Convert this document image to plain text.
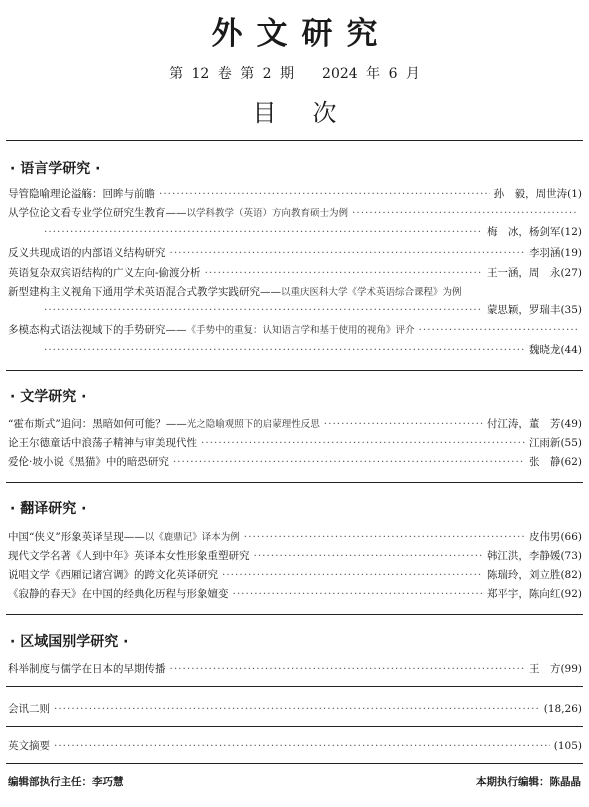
外文研究
第 12 卷 第 2 期　　2024 年 6 月
目次
· 语言学研究 ·
导管隐喻理论溢觞：回眸与前瞻 ·····	孙　毅，周世涛 (1)
从学位论文看专业学位研究生教育—— 以学科教学（英语）方向教育硕士为例
·····
·····
梅　冰，杨剑军 (12)
反义共现成语的内部语义结构研究 ·····	李羽涵 (19)
英语复杂双宾语结构的广义左向-偷渡分析 ·····	王一涵，周　永 (27)
新型建构主义视角下通用学术英语混合式教学实践研究—— 以重庆医科大学《学术英语综合课程》为例
·····
蒙思颖，罗瑞丰 (35)
多模态构式语法视域下的手势研究—— 《手势中的重复：认知语言学和基于使用的视角》评介
·····
·····
魏晓龙 (44)
· 文学研究 ·
“霍布斯式”追问：黑暗如何可能？—— 光之隐喻观照下的启蒙理性反思 ·····	付江涛，董　芳 (49)
论王尔德童话中浪荡子精神与审美现代性 ·····	江雨新 (55)
爱伦·坡小说《黑猫》中的暗恐研究 ·····	张　静 (62)
· 翻译研究 ·
中国“侠义”形象英译呈现—— 以《鹿鼎记》译本为例 ·····	皮伟男 (66)
现代文学名著《人到中年》英译本女性形象重塑研究 ·····	韩江洪，李静媛 (73)
说唱文学《西厢记诸宫调》的跨文化英译研究 ·····	陈瑞玲，刘立胜 (82)
《寂静的春天》在中国的经典化历程与形象嬗变 ·····	郑平宇，陈向红 (92)
· 区域国别学研究 ·
科举制度与儒学在日本的早期传播 ·····	王　方 (99)
会讯二则 ·····	(18,26)
英文摘要 ·····	(105)
编辑部执行主任：李巧慧	本期执行编辑：陈晶晶
